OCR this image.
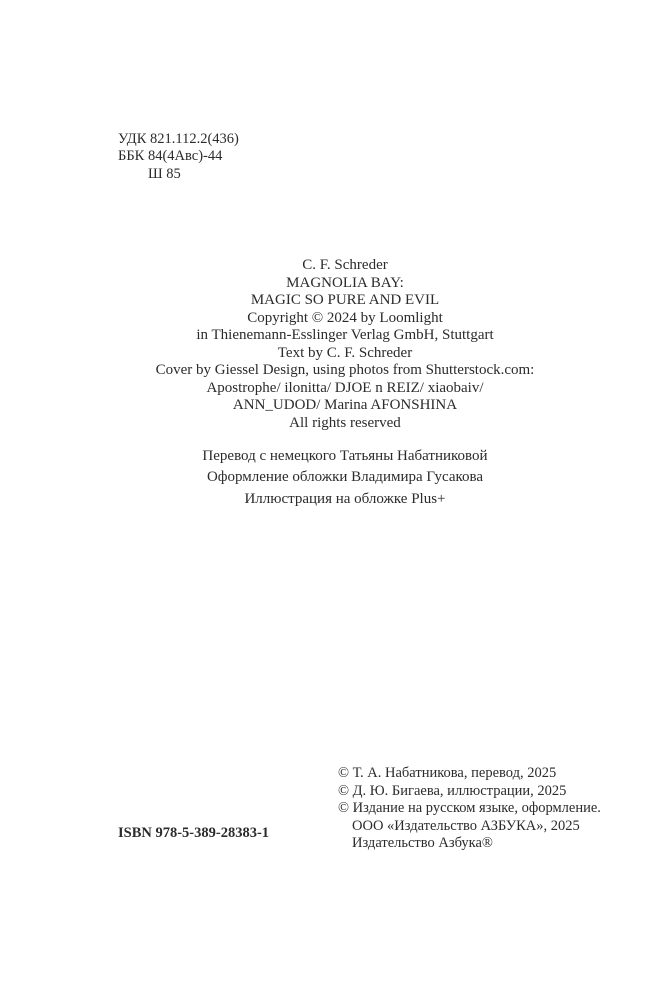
УДК 821.112.2(436)
ББК 84(4Авс)-44
Ш 85
C. F. Schreder
MAGNOLIA BAY:
MAGIC SO PURE AND EVIL
Copyright © 2024 by Loomlight
in Thienemann-Esslinger Verlag GmbH, Stuttgart
Text by C. F. Schreder
Cover by Giessel Design, using photos from Shutterstock.com:
Apostrophe/ ilonitta/ DJOE n REIZ/ xiaobaiv/
ANN_UDOD/ Marina AFONSHINA
All rights reserved
Перевод с немецкого Татьяны Набатниковой
Оформление обложки Владимира Гусакова
Иллюстрация на обложке Plus+
ISBN 978-5-389-28383-1
© Т. А. Набатникова, перевод, 2025
© Д. Ю. Бигаева, иллюстрации, 2025
© Издание на русском языке, оформление.
ООО «Издательство АЗБУКА», 2025
Издательство Азбука®
